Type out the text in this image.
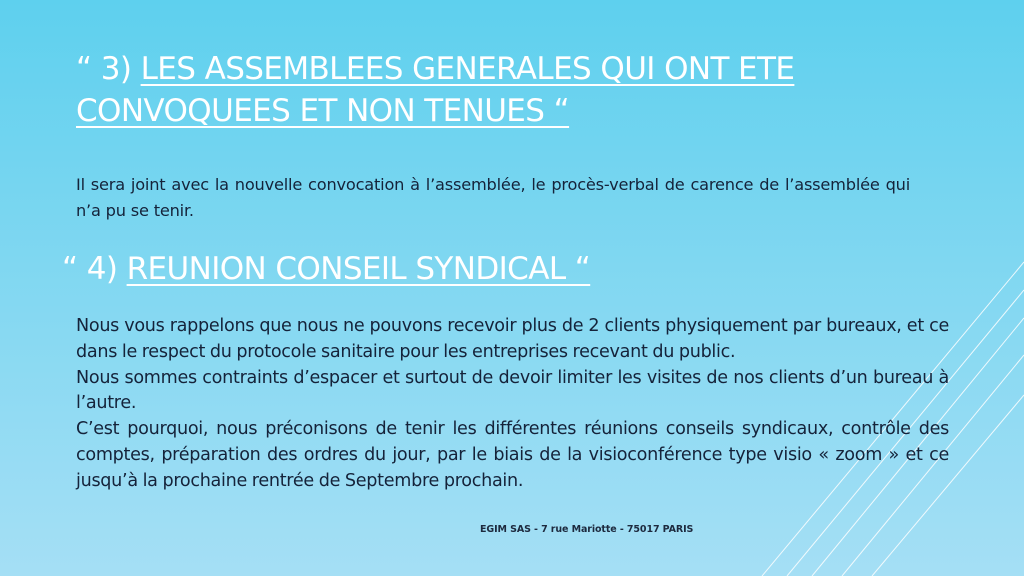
“ 3) LES ASSEMBLEES GENERALES QUI ONT ETE
CONVOQUEES ET NON TENUES “
Il sera joint avec la nouvelle convocation à l’assemblée, le procès-verbal de carence de l’assemblée qui n’a pu se tenir.
“ 4) REUNION CONSEIL SYNDICAL “

Nous vous rappelons que nous ne pouvons recevoir plus de 2 clients physiquement par bureaux, et ce dans le respect du protocole sanitaire pour les entreprises recevant du public.

Nous sommes contraints d’espacer et surtout de devoir limiter les visites de nos clients d’un bureau à l’autre.

C’est pourquoi, nous préconisons de tenir les différentes réunions conseils syndicaux, contrôle des comptes, préparation des ordres du jour, par le biais de la visioconférence type visio « zoom » et ce jusqu’à la prochaine rentrée de Septembre prochain.

EGIM SAS - 7 rue Mariotte - 75017 PARIS
